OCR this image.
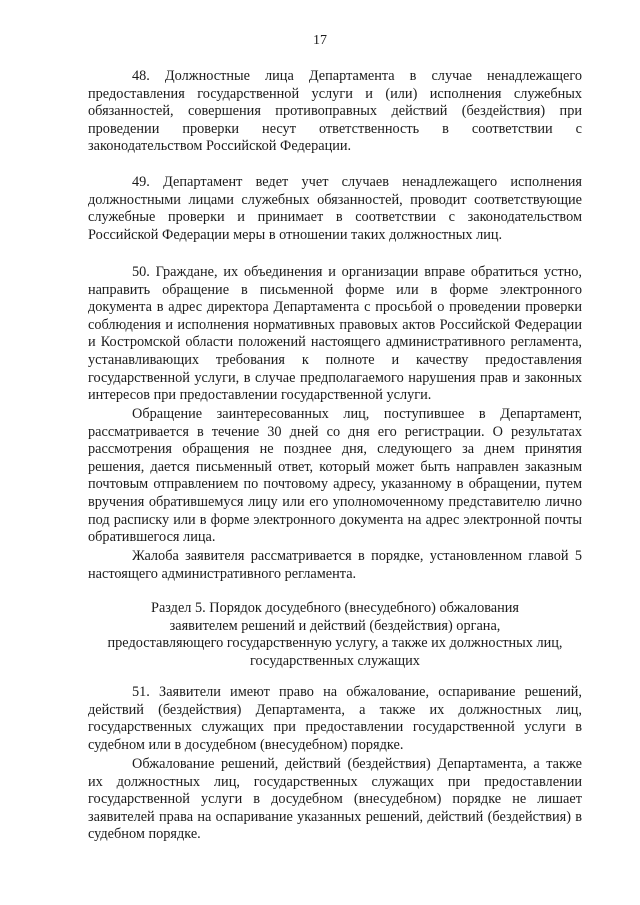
17

48. Должностные лица Департамента в случае ненадлежащего предоставления государственной услуги и (или) исполнения служебных обязанностей, совершения противоправных действий (бездействия) при проведении проверки несут ответственность в соответствии с законодательством Российской Федерации.

49. Департамент ведет учет случаев ненадлежащего исполнения должностными лицами служебных обязанностей, проводит соответствующие служебные проверки и принимает в соответствии с законодательством Российской Федерации меры в отношении таких должностных лиц.

50. Граждане, их объединения и организации вправе обратиться устно, направить обращение в письменной форме или в форме электронного документа в адрес директора Департамента с просьбой о проведении проверки соблюдения и исполнения нормативных правовых актов Российской Федерации и Костромской области положений настоящего административного регламента, устанавливающих требования к полноте и качеству предоставления государственной услуги, в случае предполагаемого нарушения прав и законных интересов при предоставлении государственной услуги.

Обращение заинтересованных лиц, поступившее в Департамент, рассматривается в течение 30 дней со дня его регистрации. О результатах рассмотрения обращения не позднее дня, следующего за днем принятия решения, дается письменный ответ, который может быть направлен заказным почтовым отправлением по почтовому адресу, указанному в обращении, путем вручения обратившемуся лицу или его уполномоченному представителю лично под расписку или в форме электронного документа на адрес электронной почты обратившегося лица.

Жалоба заявителя рассматривается в порядке, установленном главой 5 настоящего административного регламента.

Раздел 5. Порядок досудебного (внесудебного) обжалования
заявителем решений и действий (бездействия) органа,
предоставляющего государственную услугу, а также их должностных лиц,
государственных служащих

51. Заявители имеют право на обжалование, оспаривание решений, действий (бездействия) Департамента, а также их должностных лиц, государственных служащих при предоставлении государственной услуги в судебном или в досудебном (внесудебном) порядке.

Обжалование решений, действий (бездействия) Департамента, а также их должностных лиц, государственных служащих при предоставлении государственной услуги в досудебном (внесудебном) порядке не лишает заявителей права на оспаривание указанных решений, действий (бездействия) в судебном порядке.
